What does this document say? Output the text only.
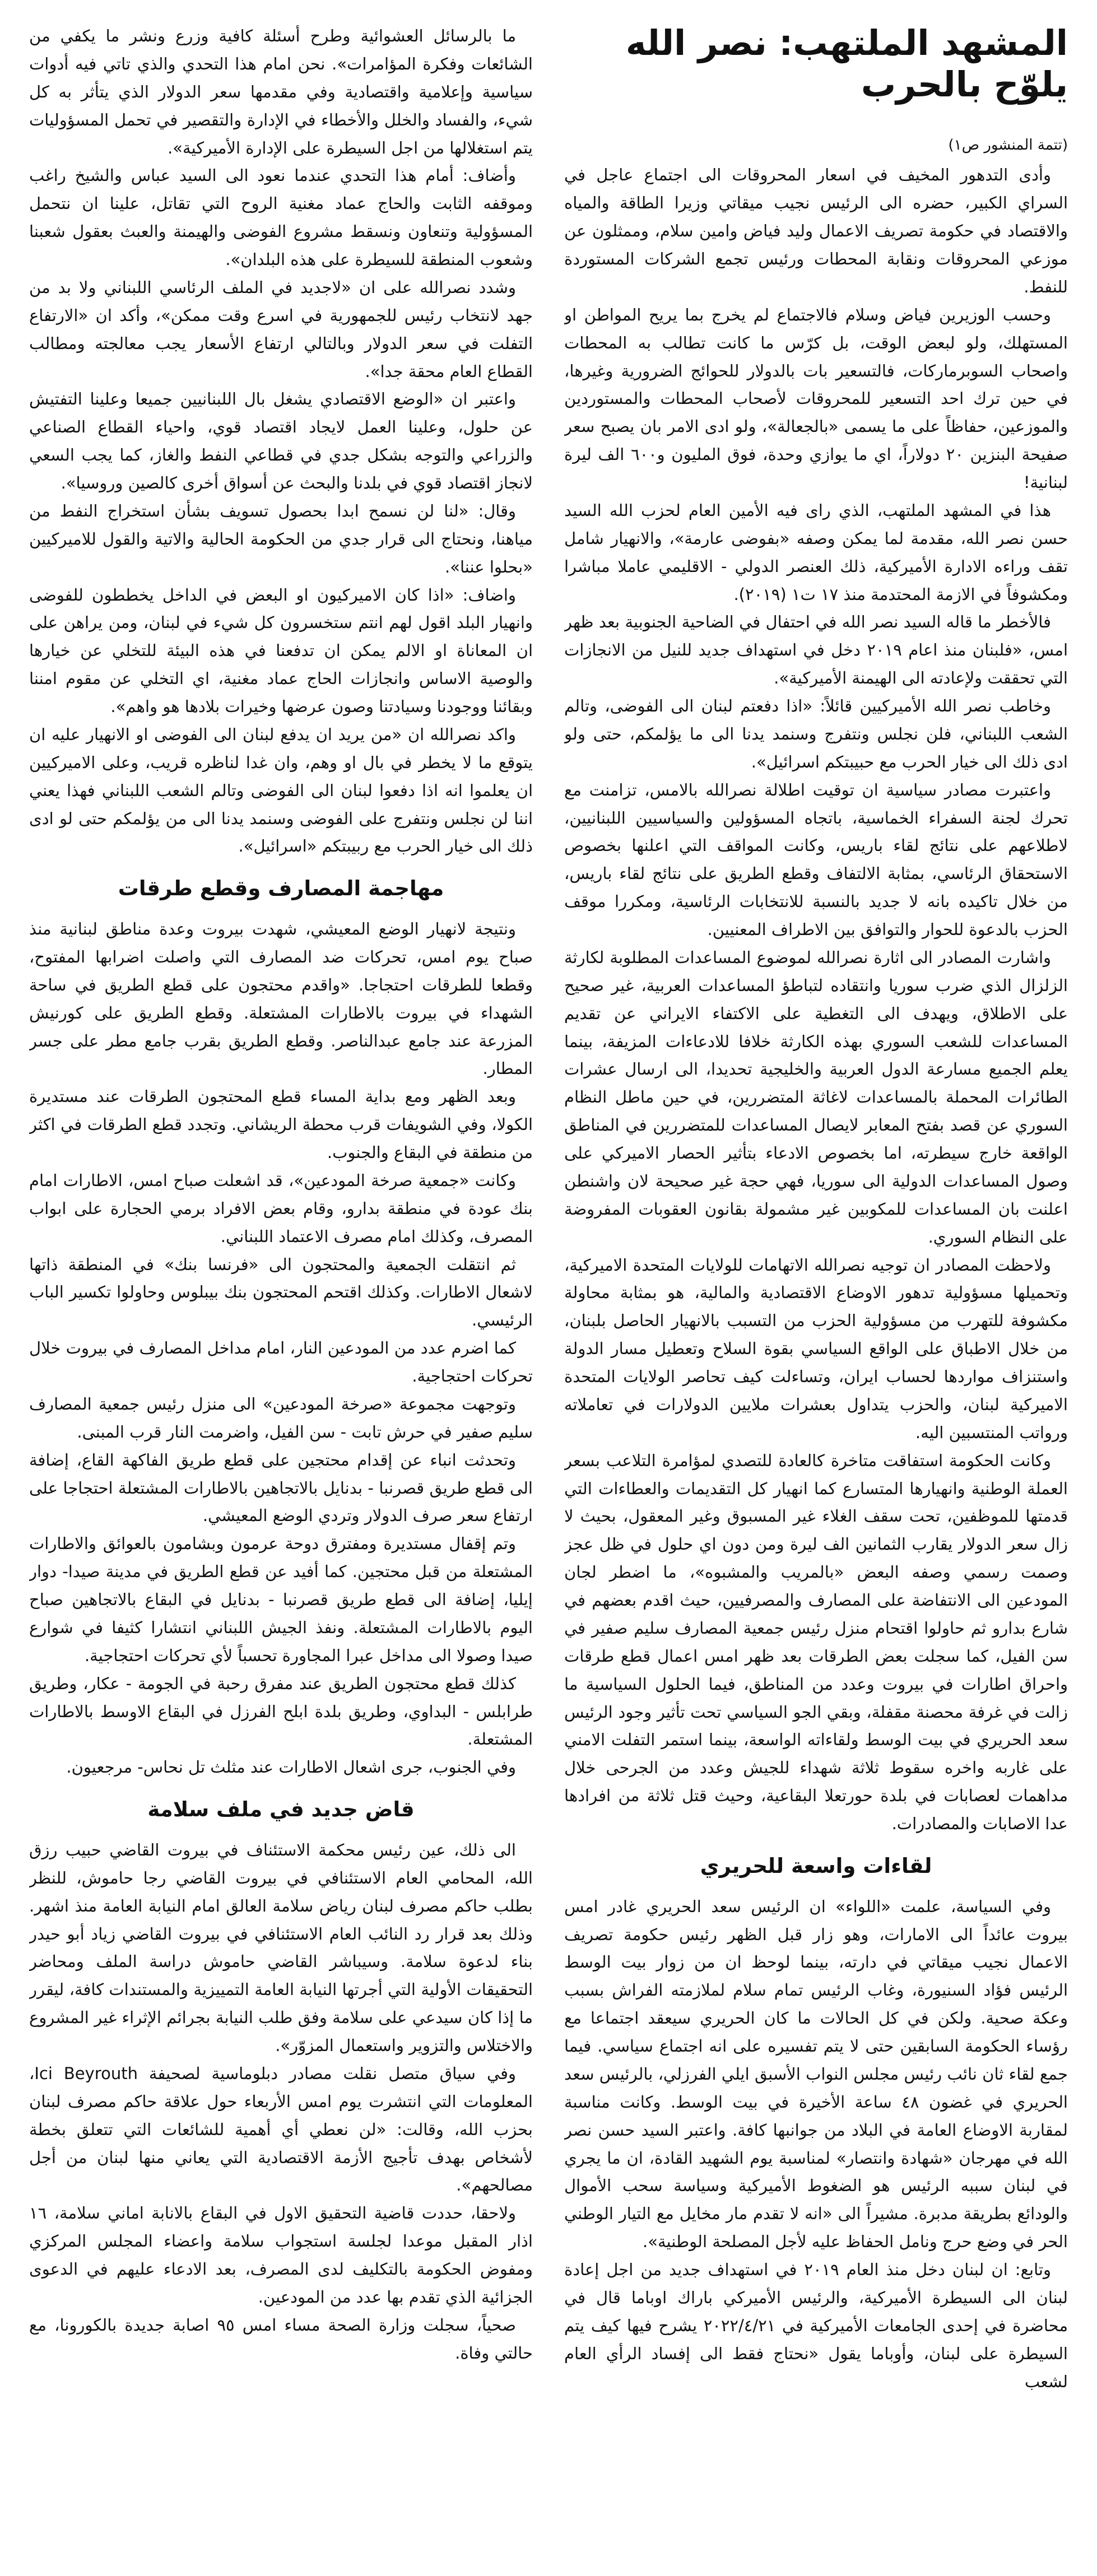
المشهد الملتهب: نصر الله يلوّح بالحرب

(تتمة المنشور ص١)

وأدى التدهور المخيف في اسعار المحروقات الى اجتماع عاجل في السراي الكبير، حضره الى الرئيس نجيب ميقاتي وزيرا الطاقة والمياه والاقتصاد في حكومة تصريف الاعمال وليد فياض وامين سلام، وممثلون عن موزعي المحروقات ونقابة المحطات ورئيس تجمع الشركات المستوردة للنفط.

وحسب الوزيرين فياض وسلام فالاجتماع لم يخرج بما يريح المواطن او المستهلك، ولو لبعض الوقت، بل كرّس ما كانت تطالب به المحطات واصحاب السوبرماركات، فالتسعير بات بالدولار للحوائج الضرورية وغيرها، في حين ترك احد التسعير للمحروقات لأصحاب المحطات والمستوردين والموزعين، حفاظاً على ما يسمى «بالجعالة»، ولو ادى الامر بان يصبح سعر صفيحة البنزين ٢٠ دولاراً، اي ما يوازي وحدة، فوق المليون و٦٠٠ الف ليرة لبنانية!

هذا في المشهد الملتهب، الذي راى فيه الأمين العام لحزب الله السيد حسن نصر الله، مقدمة لما يمكن وصفه «بفوضى عارمة»، والانهيار شامل تقف وراءه الادارة الأميركية، ذلك العنصر الدولي - الاقليمي عاملا مباشرا ومكشوفاً في الازمة المحتدمة منذ ١٧ ت١ (٢٠١٩).

فالأخطر ما قاله السيد نصر الله في احتفال في الضاحية الجنوبية بعد ظهر امس، «فلبنان منذ اعام ٢٠١٩ دخل في استهداف جديد للنيل من الانجازات التي تحققت ولإعادته الى الهيمنة الأميركية».

وخاطب نصر الله الأميركيين قائلاً: «اذا دفعتم لبنان الى الفوضى، وتالم الشعب اللبناني، فلن نجلس ونتفرج وسنمد يدنا الى ما يؤلمكم، حتى ولو ادى ذلك الى خيار الحرب مع حبيبتكم اسرائيل».

واعتبرت مصادر سياسية ان توقيت اطلالة نصرالله بالامس، تزامنت مع تحرك لجنة السفراء الخماسية، باتجاه المسؤولين والسياسيين اللبنانيين، لاطلاعهم على نتائج لقاء باريس، وكانت المواقف التي اعلنها بخصوص الاستحقاق الرئاسي، بمثابة الالتفاف وقطع الطريق على نتائج لقاء باريس، من خلال تاكيده بانه لا جديد بالنسبة للانتخابات الرئاسية، ومكررا موقف الحزب بالدعوة للحوار والتوافق بين الاطراف المعنيين.

واشارت المصادر الى اثارة نصرالله لموضوع المساعدات المطلوبة لكارثة الزلزال الذي ضرب سوريا وانتقاده لتباطؤ المساعدات العربية، غير صحيح على الاطلاق، ويهدف الى التغطية على الاكتفاء الايراني عن تقديم المساعدات للشعب السوري بهذه الكارثة خلافا للادعاءات المزيفة، بينما يعلم الجميع مسارعة الدول العربية والخليجية تحديدا، الى ارسال عشرات الطائرات المحملة بالمساعدات لاغاثة المتضررين، في حين ماطل النظام السوري عن قصد بفتح المعابر لايصال المساعدات للمتضررين في المناطق الواقعة خارج سيطرته، اما بخصوص الادعاء بتأثير الحصار الاميركي على وصول المساعدات الدولية الى سوريا، فهي حجة غير صحيحة لان واشنطن اعلنت بان المساعدات للمكوبين غير مشمولة بقانون العقوبات المفروضة على النظام السوري.

ولاحظت المصادر ان توجيه نصرالله الاتهامات للولايات المتحدة الاميركية، وتحميلها مسؤولية تدهور الاوضاع الاقتصادية والمالية، هو بمثابة محاولة مكشوفة للتهرب من مسؤولية الحزب من التسبب بالانهيار الحاصل بلبنان، من خلال الاطباق على الواقع السياسي بقوة السلاح وتعطيل مسار الدولة واستنزاف مواردها لحساب ايران، وتساءلت كيف تحاصر الولايات المتحدة الاميركية لبنان، والحزب يتداول بعشرات ملايين الدولارات في تعاملاته ورواتب المنتسبين اليه.

وكانت الحكومة استفاقت متاخرة كالعادة للتصدي لمؤامرة التلاعب بسعر العملة الوطنية وانهيارها المتسارع كما انهيار كل التقديمات والعطاءات التي قدمتها للموظفين، تحت سقف الغلاء غير المسبوق وغير المعقول، بحيث لا زال سعر الدولار يقارب الثمانين الف ليرة ومن دون اي حلول في ظل عجز وصمت رسمي وصفه البعض «بالمريب والمشبوه»، ما اضطر لجان المودعين الى الانتفاضة على المصارف والمصرفيين، حيث اقدم بعضهم في شارع بدارو ثم حاولوا اقتحام منزل رئيس جمعية المصارف سليم صفير في سن الفيل، كما سجلت بعض الطرقات بعد ظهر امس اعمال قطع طرقات واحراق اطارات في بيروت وعدد من المناطق، فيما الحلول السياسية ما زالت في غرفة محصنة مقفلة، وبقي الجو السياسي تحت تأثير وجود الرئيس سعد الحريري في بيت الوسط ولقاءاته الواسعة، بينما استمر التفلت الامني على غاربه واخره سقوط ثلاثة شهداء للجيش وعدد من الجرحى خلال مداهمات لعصابات في بلدة حورتعلا البقاعية، وحيث قتل ثلاثة من افرادها عدا الاصابات والمصادرات.

لقاءات واسعة للحريري

وفي السياسة، علمت «اللواء» ان الرئيس سعد الحريري غادر امس بيروت عائداً الى الامارات، وهو زار قبل الظهر رئيس حكومة تصريف الاعمال نجيب ميقاتي في دارته، بينما لوحظ ان من زوار بيت الوسط الرئيس فؤاد السنيورة، وغاب الرئيس تمام سلام لملازمته الفراش بسبب وعكة صحية. ولكن في كل الحالات ما كان الحريري سيعقد اجتماعا مع رؤساء الحكومة السابقين حتى لا يتم تفسيره على انه اجتماع سياسي. فيما جمع لقاء ثان نائب رئيس مجلس النواب الأسبق ايلي الفرزلي، بالرئيس سعد الحريري في غضون ٤٨ ساعة الأخيرة في بيت الوسط. وكانت مناسبة لمقاربة الاوضاع العامة في البلاد من جوانبها كافة. واعتبر السيد حسن نصر الله في مهرجان «شهادة وانتصار» لمناسبة يوم الشهيد القادة، ان ما يجري في لبنان سببه الرئيس هو الضغوط الأميركية وسياسة سحب الأموال والودائع بطريقة مدبرة. مشيراً الى «انه لا تقدم مار مخايل مع التيار الوطني الحر في وضع حرج ونامل الحفاظ عليه لأجل المصلحة الوطنية».

وتابع: ان لبنان دخل منذ العام ٢٠١٩ في استهداف جديد من اجل إعادة لبنان الى السيطرة الأميركية، والرئيس الأميركي باراك اوباما قال في محاضرة في إحدى الجامعات الأميركية في ٢٠٢٢/٤/٢١ يشرح فيها كيف يتم السيطرة على لبنان، وأوباما يقول «نحتاج فقط الى إفساد الرأي العام لشعب

ما بالرسائل العشوائية وطرح أسئلة كافية وزرع ونشر ما يكفي من الشائعات وفكرة المؤامرات». نحن امام هذا التحدي والذي تاتي فيه أدوات سياسية وإعلامية واقتصادية وفي مقدمها سعر الدولار الذي يتأثر به كل شيء، والفساد والخلل والأخطاء في الإدارة والتقصير في تحمل المسؤوليات يتم استغلالها من اجل السيطرة على الإدارة الأميركية».

وأضاف: أمام هذا التحدي عندما نعود الى السيد عباس والشيخ راغب وموقفه الثابت والحاج عماد مغنية الروح التي تقاتل، علينا ان نتحمل المسؤولية وتنعاون ونسقط مشروع الفوضى والهيمنة والعبث بعقول شعبنا وشعوب المنطقة للسيطرة على هذه البلدان».

وشدد نصرالله على ان «لاجديد في الملف الرئاسي اللبناني ولا بد من جهد لانتخاب رئيس للجمهورية في اسرع وقت ممكن»، وأكد ان «الارتفاع التفلت في سعر الدولار وبالتالي ارتفاع الأسعار يجب معالجته ومطالب القطاع العام محقة جدا».

واعتبر ان «الوضع الاقتصادي يشغل بال اللبنانيين جميعا وعلينا التفتيش عن حلول، وعلينا العمل لايجاد اقتصاد قوي، واحياء القطاع الصناعي والزراعي والتوجه بشكل جدي في قطاعي النفط والغاز، كما يجب السعي لانجاز اقتصاد قوي في بلدنا والبحث عن أسواق أخرى كالصين وروسيا».

وقال: «لنا لن نسمح ابدا بحصول تسويف بشأن استخراج النفط من مياهنا، ونحتاج الى قرار جدي من الحكومة الحالية والاتية والقول للاميركيين «بحلوا عننا».

واضاف: «اذا كان الاميركيون او البعض في الداخل يخططون للفوضى وانهيار البلد اقول لهم انتم ستخسرون كل شيء في لبنان، ومن يراهن على ان المعاناة او الالم يمكن ان تدفعنا في هذه البيئة للتخلي عن خيارها والوصية الاساس وانجازات الحاج عماد مغنية، اي التخلي عن مقوم امننا وبقائنا ووجودنا وسيادتنا وصون عرضها وخيرات بلادها هو واهم».

واكد نصرالله ان «من يريد ان يدفع لبنان الى الفوضى او الانهيار عليه ان يتوقع ما لا يخطر في بال او وهم، وان غدا لناظره قريب، وعلى الاميركيين ان يعلموا انه اذا دفعوا لبنان الى الفوضى وتالم الشعب اللبناني فهذا يعني اننا لن نجلس ونتفرج على الفوضى وسنمد يدنا الى من يؤلمكم حتى لو ادى ذلك الى خيار الحرب مع ربيبتكم «اسرائيل».

مهاجمة المصارف وقطع طرقات

ونتيجة لانهيار الوضع المعيشي، شهدت بيروت وعدة مناطق لبنانية منذ صباح يوم امس، تحركات ضد المصارف التي واصلت اضرابها المفتوح، وقطعا للطرقات احتجاجا. «واقدم محتجون على قطع الطريق في ساحة الشهداء في بيروت بالاطارات المشتعلة. وقطع الطريق على كورنيش المزرعة عند جامع عبدالناصر. وقطع الطريق بقرب جامع مطر على جسر المطار.

وبعد الظهر ومع بداية المساء قطع المحتجون الطرقات عند مستديرة الكولا، وفي الشويفات قرب محطة الريشاني. وتجدد قطع الطرقات في اكثر من منطقة في البقاع والجنوب.

وكانت «جمعية صرخة المودعين»، قد اشعلت صباح امس، الاطارات امام بنك عودة في منطقة بدارو، وقام بعض الافراد برمي الحجارة على ابواب المصرف، وكذلك امام مصرف الاعتماد اللبناني.

ثم انتقلت الجمعية والمحتجون الى «فرنسا بنك» في المنطقة ذاتها لاشعال الاطارات. وكذلك اقتحم المحتجون بنك بيبلوس وحاولوا تكسير الباب الرئيسي.

كما اضرم عدد من المودعين النار، امام مداخل المصارف في بيروت خلال تحركات احتجاجية.

وتوجهت مجموعة «صرخة المودعين» الى منزل رئيس جمعية المصارف سليم صفير في حرش تابت - سن الفيل، واضرمت النار قرب المبنى.

وتحدثت انباء عن إقدام محتجين على قطع طريق الفاكهة القاع، إضافة الى قطع طريق قصرنبا - بدنايل بالاتجاهين بالاطارات المشتعلة احتجاجا على ارتفاع سعر صرف الدولار وتردي الوضع المعيشي.

وتم إقفال مستديرة ومفترق دوحة عرمون وبشامون بالعوائق والاطارات المشتعلة من قبل محتجين. كما أفيد عن قطع الطريق في مدينة صيدا- دوار إيليا، إضافة الى قطع طريق قصرنبا - بدنايل في البقاع بالاتجاهين صباح اليوم بالاطارات المشتعلة. ونفذ الجيش اللبناني انتشارا كثيفا في شوارع صيدا وصولا الى مداخل عبرا المجاورة تحسباً لأي تحركات احتجاجية.

كذلك قطع محتجون الطريق عند مفرق رحبة في الجومة - عكار، وطريق طرابلس - البداوي، وطريق بلدة ابلح الفرزل في البقاع الاوسط بالاطارات المشتعلة.

وفي الجنوب، جرى اشعال الاطارات عند مثلث تل نحاس- مرجعيون.

قاض جديد في ملف سلامة

الى ذلك، عين رئيس محكمة الاستئناف في بيروت القاضي حبيب رزق الله، المحامي العام الاستئنافي في بيروت القاضي رجا حاموش، للنظر بطلب حاكم مصرف لبنان رياض سلامة العالق امام النيابة العامة منذ اشهر. وذلك بعد قرار رد النائب العام الاستئنافي في بيروت القاضي زياد أبو حيدر بناء لدعوة سلامة. وسيباشر القاضي حاموش دراسة الملف ومحاضر التحقيقات الأولية التي أجرتها النيابة العامة التمييزية والمستندات كافة، ليقرر ما إذا كان سيدعي على سلامة وفق طلب النيابة بجرائم الإثراء غير المشروع والاختلاس والتزوير واستعمال المزوّر».

وفي سياق متصل نقلت مصادر دبلوماسية لصحيفة Ici Beyrouth، المعلومات التي انتشرت يوم امس الأربعاء حول علاقة حاكم مصرف لبنان بحزب الله، وقالت: «لن نعطي أي أهمية للشائعات التي تتعلق بخطة لأشخاص بهدف تأجيج الأزمة الاقتصادية التي يعاني منها لبنان من أجل مصالحهم».

ولاحقا، حددت قاضية التحقيق الاول في البقاع بالانابة اماني سلامة، ١٦ اذار المقبل موعدا لجلسة استجواب سلامة واعضاء المجلس المركزي ومفوض الحكومة بالتكليف لدى المصرف، بعد الادعاء عليهم في الدعوى الجزائية الذي تقدم بها عدد من المودعين.

صحياً، سجلت وزارة الصحة مساء امس ٩٥ اصابة جديدة بالكورونا، مع حالتي وفاة.
